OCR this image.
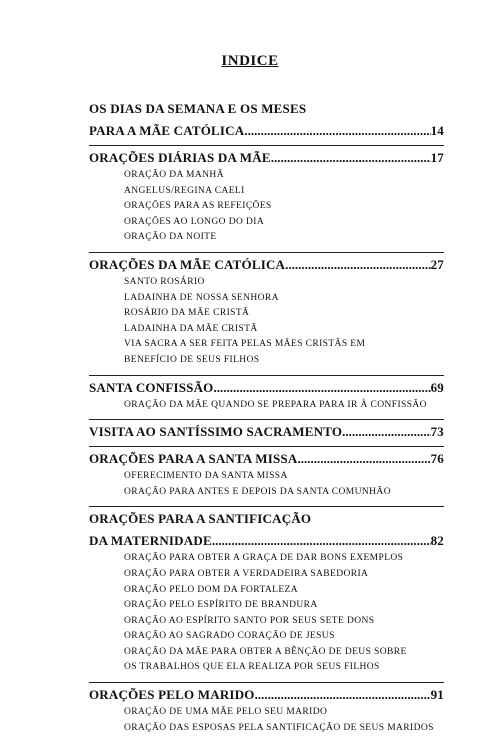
INDICE
OS DIAS DA SEMANA E OS MESES
PARA A MÃE CATÓLICA .....	14
ORAÇÕES DIÁRIAS DA MÃE .....	17
ORAÇÃO DA MANHÃ
ANGELUS/REGINA CAELI
ORAÇÕES PARA AS REFEIÇÕES
ORAÇÕES AO LONGO DO DIA
ORAÇÃO DA NOITE
ORAÇÕES DA MÃE CATÓLICA .....	27
SANTO ROSÁRIO
LADAINHA DE NOSSA SENHORA
ROSÁRIO DA MÃE CRISTÃ
LADAINHA DA MÃE CRISTÃ
VIA SACRA A SER FEITA PELAS MÃES CRISTÃS EM
BENEFÍCIO DE SEUS FILHOS
SANTA CONFISSÃO .....	69
ORAÇÃO DA MÃE QUANDO SE PREPARA PARA IR À CONFISSÃO
VISITA AO SANTÍSSIMO SACRAMENTO .....	73
ORAÇÕES PARA A SANTA MISSA .....	76
OFERECIMENTO DA SANTA MISSA
ORAÇÃO PARA ANTES E DEPOIS DA SANTA COMUNHÃO
ORAÇÕES PARA A SANTIFICAÇÃO
DA MATERNIDADE .....	82
ORAÇÃO PARA OBTER A GRAÇA DE DAR BONS EXEMPLOS
ORAÇÃO PARA OBTER A VERDADEIRA SABEDORIA
ORAÇÃO PELO DOM DA FORTALEZA
ORAÇÃO PELO ESPÍRITO DE BRANDURA
ORAÇÃO AO ESPÍRITO SANTO POR SEUS SETE DONS
ORAÇÃO AO SAGRADO CORAÇÃO DE JESUS
ORAÇÃO DA MÃE PARA OBTER A BÊNÇÃO DE DEUS SOBRE
OS TRABALHOS QUE ELA REALIZA POR SEUS FILHOS
ORAÇÕES PELO MARIDO .....	91
ORAÇÃO DE UMA MÃE PELO SEU MARIDO
ORAÇÃO DAS ESPOSAS PELA SANTIFICAÇÃO DE SEUS MARIDOS
